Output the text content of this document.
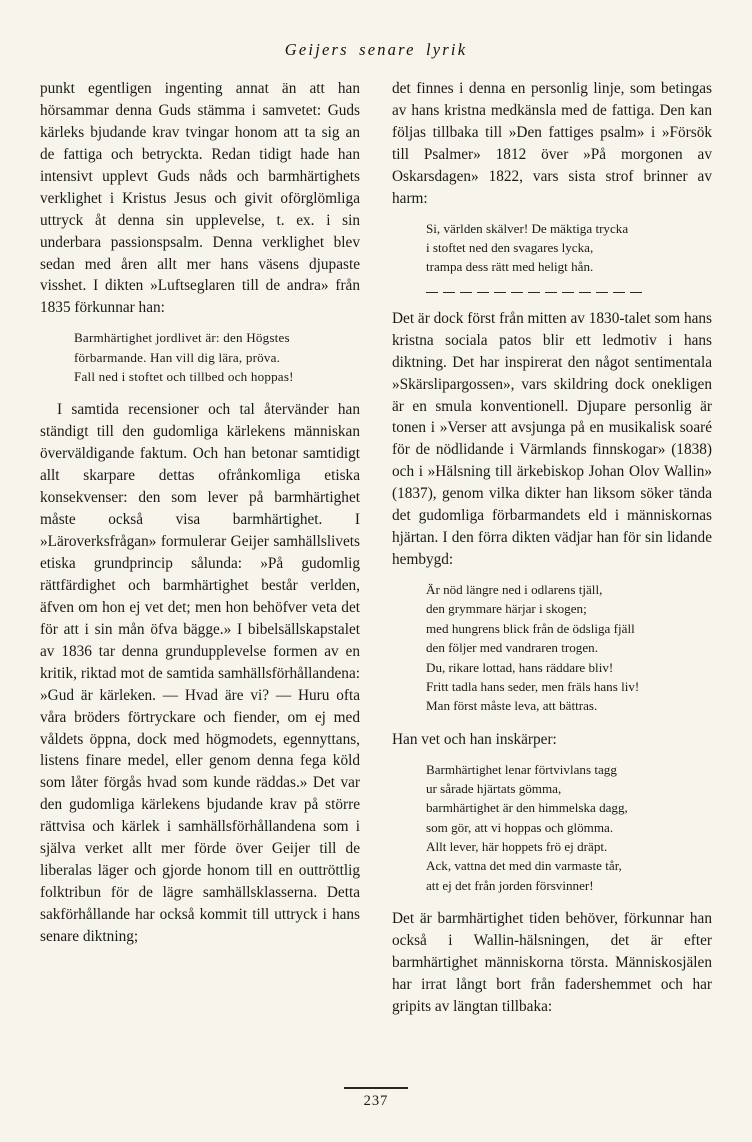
Geijers senare lyrik

punkt egentligen ingenting annat än att han hörsammar denna Guds stämma i samvetet: Guds kärleks bjudande krav tvingar honom att ta sig an de fattiga och betryckta. Redan tidigt hade han intensivt upplevt Guds nåds och barmhärtighets verklighet i Kristus Jesus och givit oförglömliga uttryck åt denna sin upplevelse, t. ex. i sin underbara passionspsalm. Denna verklighet blev sedan med åren allt mer hans väsens djupaste visshet. I dikten »Luftseglaren till de andra» från 1835 förkunnar han:

Barmhärtighet jordlivet är: den Högstes
förbarmande. Han vill dig lära, pröva.
Fall ned i stoftet och tillbed och hoppas!

I samtida recensioner och tal återvänder han ständigt till den gudomliga kärlekens människan överväldigande faktum. Och han betonar samtidigt allt skarpare dettas ofrånkomliga etiska konsekvenser: den som lever på barmhärtighet måste också visa barmhärtighet. I »Läroverksfrågan» formulerar Geijer samhällslivets etiska grundprincip sålunda: »På gudomlig rättfärdighet och barmhärtighet består verlden, äfven om hon ej vet det; men hon behöfver veta det för att i sin mån öfva bägge.» I bibelsällskapstalet av 1836 tar denna grundupplevelse formen av en kritik, riktad mot de samtida samhällsförhållandena: »Gud är kärleken. — Hvad äre vi? — Huru ofta våra bröders förtryckare och fiender, om ej med våldets öppna, dock med högmodets, egennyttans, listens finare medel, eller genom denna fega köld som låter förgås hvad som kunde räddas.» Det var den gudomliga kärlekens bjudande krav på större rättvisa och kärlek i samhällsförhållandena som i själva verket allt mer förde över Geijer till de liberalas läger och gjorde honom till en outtröttlig folktribun för de lägre samhällsklasserna. Detta sakförhållande har också kommit till uttryck i hans senare diktning;

det finnes i denna en personlig linje, som betingas av hans kristna medkänsla med de fattiga. Den kan följas tillbaka till »Den fattiges psalm» i »Försök till Psalmer» 1812 över »På morgonen av Oskarsdagen» 1822, vars sista strof brinner av harm:

Si, världen skälver! De mäktiga trycka
i stoftet ned den svagares lycka,
trampa dess rätt med heligt hån.

Det är dock först från mitten av 1830-talet som hans kristna sociala patos blir ett ledmotiv i hans diktning. Det har inspirerat den något sentimentala »Skärslipargossen», vars skildring dock onekligen är en smula konventionell. Djupare personlig är tonen i »Verser att avsjunga på en musikalisk soaré för de nödlidande i Värmlands finnskogar» (1838) och i »Hälsning till ärkebiskop Johan Olov Wallin» (1837), genom vilka dikter han liksom söker tända det gudomliga förbarmandets eld i människornas hjärtan. I den förra dikten vädjar han för sin lidande hembygd:

Är nöd längre ned i odlarens tjäll,
den grymmare härjar i skogen;
med hungrens blick från de ödsliga fjäll
den följer med vandraren trogen.
Du, rikare lottad, hans räddare bliv!
Fritt tadla hans seder, men fräls hans liv!
Man först måste leva, att bättras.

Han vet och han inskärper:

Barmhärtighet lenar förtvivlans tagg
ur sårade hjärtats gömma,
barmhärtighet är den himmelska dagg,
som gör, att vi hoppas och glömma.
Allt lever, här hoppets frö ej dräpt.
Ack, vattna det med din varmaste tår,
att ej det från jorden försvinner!

Det är barmhärtighet tiden behöver, förkunnar han också i Wallin-hälsningen, det är efter barmhärtighet människorna törsta. Människosjälen har irrat långt bort från fadershemmet och har gripits av längtan tillbaka:

237
